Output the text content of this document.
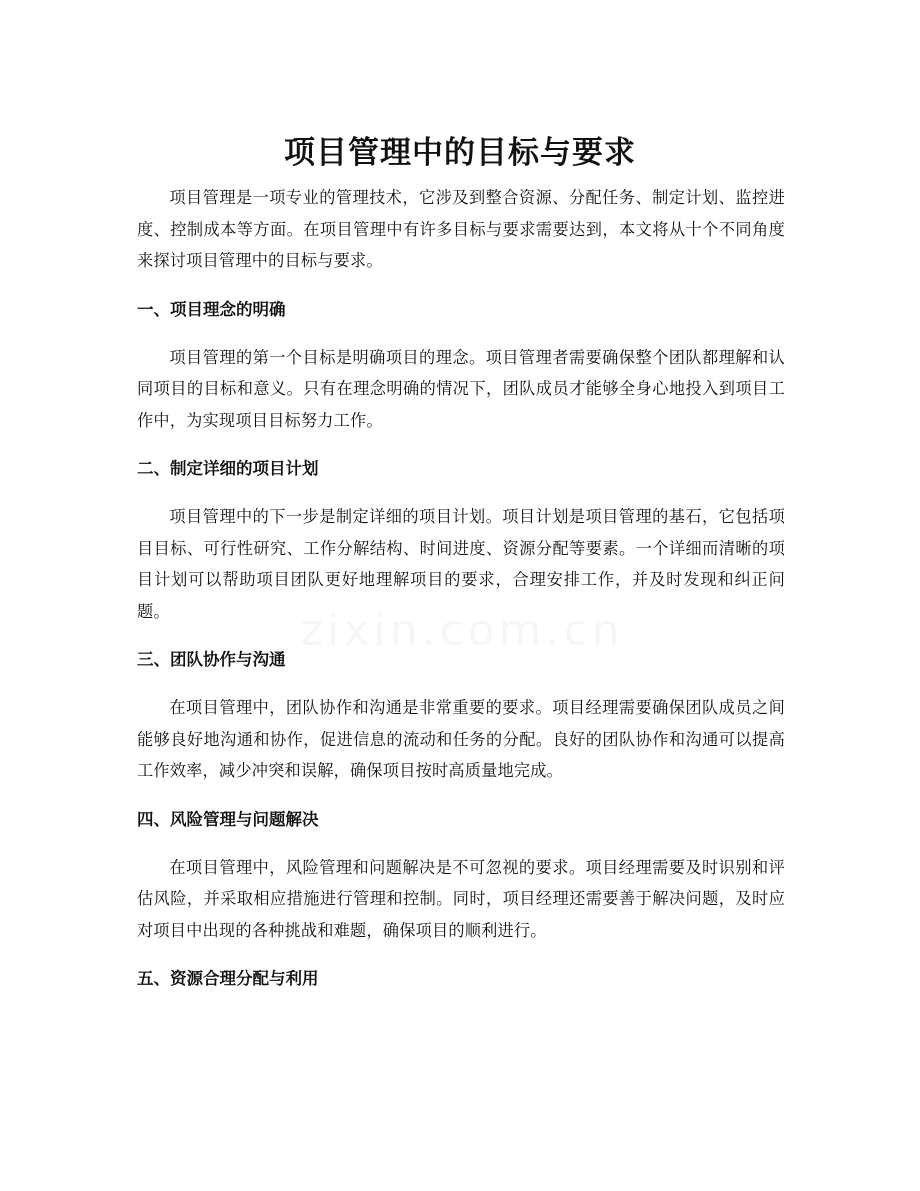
项目管理中的目标与要求

项目管理是一项专业的管理技术，它涉及到整合资源、分配任务、制定计划、监控进度、控制成本等方面。在项目管理中有许多目标与要求需要达到，本文将从十个不同角度来探讨项目管理中的目标与要求。

一、项目理念的明确

项目管理的第一个目标是明确项目的理念。项目管理者需要确保整个团队都理解和认同项目的目标和意义。只有在理念明确的情况下，团队成员才能够全身心地投入到项目工作中，为实现项目目标努力工作。

二、制定详细的项目计划

项目管理中的下一步是制定详细的项目计划。项目计划是项目管理的基石，它包括项目目标、可行性研究、工作分解结构、时间进度、资源分配等要素。一个详细而清晰的项目计划可以帮助项目团队更好地理解项目的要求，合理安排工作，并及时发现和纠正问题。

三、团队协作与沟通

在项目管理中，团队协作和沟通是非常重要的要求。项目经理需要确保团队成员之间能够良好地沟通和协作，促进信息的流动和任务的分配。良好的团队协作和沟通可以提高工作效率，减少冲突和误解，确保项目按时高质量地完成。

四、风险管理与问题解决

在项目管理中，风险管理和问题解决是不可忽视的要求。项目经理需要及时识别和评估风险，并采取相应措施进行管理和控制。同时，项目经理还需要善于解决问题，及时应对项目中出现的各种挑战和难题，确保项目的顺利进行。

五、资源合理分配与利用
